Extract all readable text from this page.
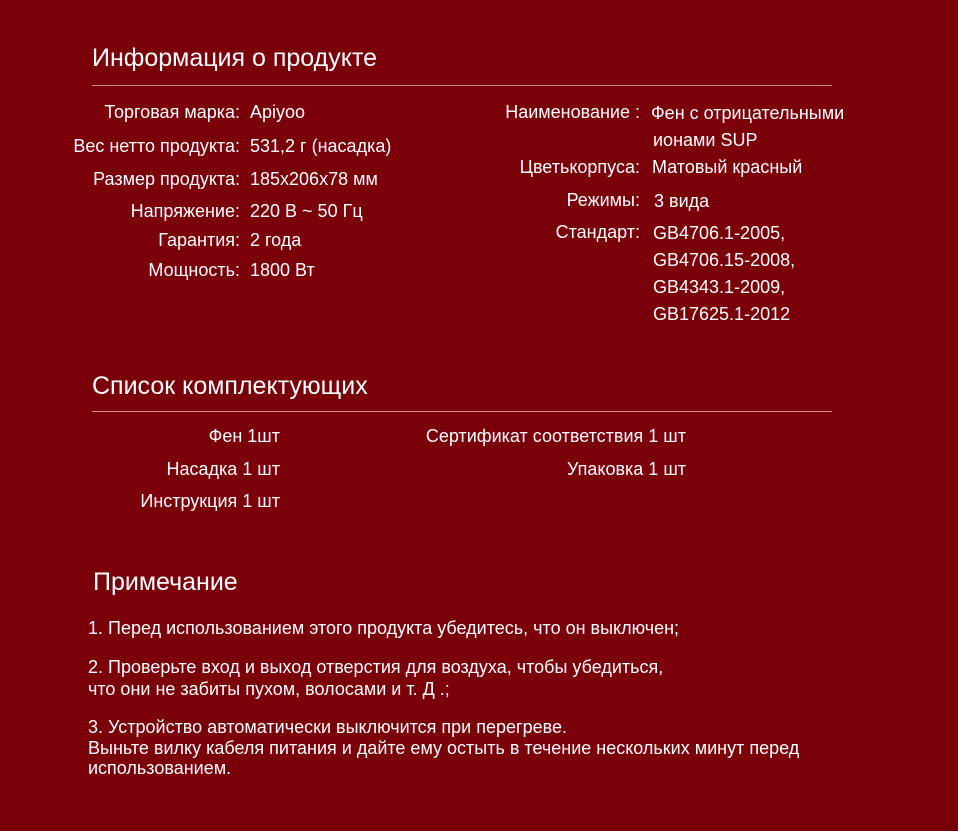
Информация о продукте
Торговая марка: Apiyoo
Вес нетто продукта: 531,2 г (насадка)
Размер продукта: 185x206x78 мм
Напряжение: 220 В ~ 50 Гц
Гарантия: 2 года
Мощность: 1800 Вт
Наименование : Фен с отрицательными
ионами SUP
Цветькорпуса: Матовый красный
Режимы: 3 вида
Стандарт: GB4706.1-2005,
GB4706.15-2008,
GB4343.1-2009,
GB17625.1-2012
Список комплектующих
Фен 1шт
Насадка 1 шт
Инструкция 1 шт
Сертификат соответствия 1 шт
Упаковка 1 шт
Примечание
1. Перед использованием этого продукта убедитесь, что он выключен;
2. Проверьте вход и выход отверстия для воздуха, чтобы убедиться,
что они не забиты пухом, волосами и т. Д .;
3. Устройство автоматически выключится при перегреве.
Выньте вилку кабеля питания и дайте ему остыть в течение нескольких минут перед
использованием.
